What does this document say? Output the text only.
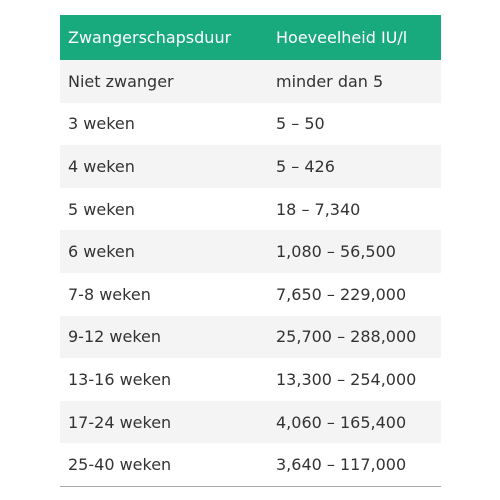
Zwangerschapsduur	Hoeveelheid IU/l
Niet zwanger	minder dan 5
3 weken	5 – 50
4 weken	5 – 426
5 weken	18 – 7,340
6 weken	1,080 – 56,500
7-8 weken	7,650 – 229,000
9-12 weken	25,700 – 288,000
13-16 weken	13,300 – 254,000
17-24 weken	4,060 – 165,400
25-40 weken	3,640 – 117,000
